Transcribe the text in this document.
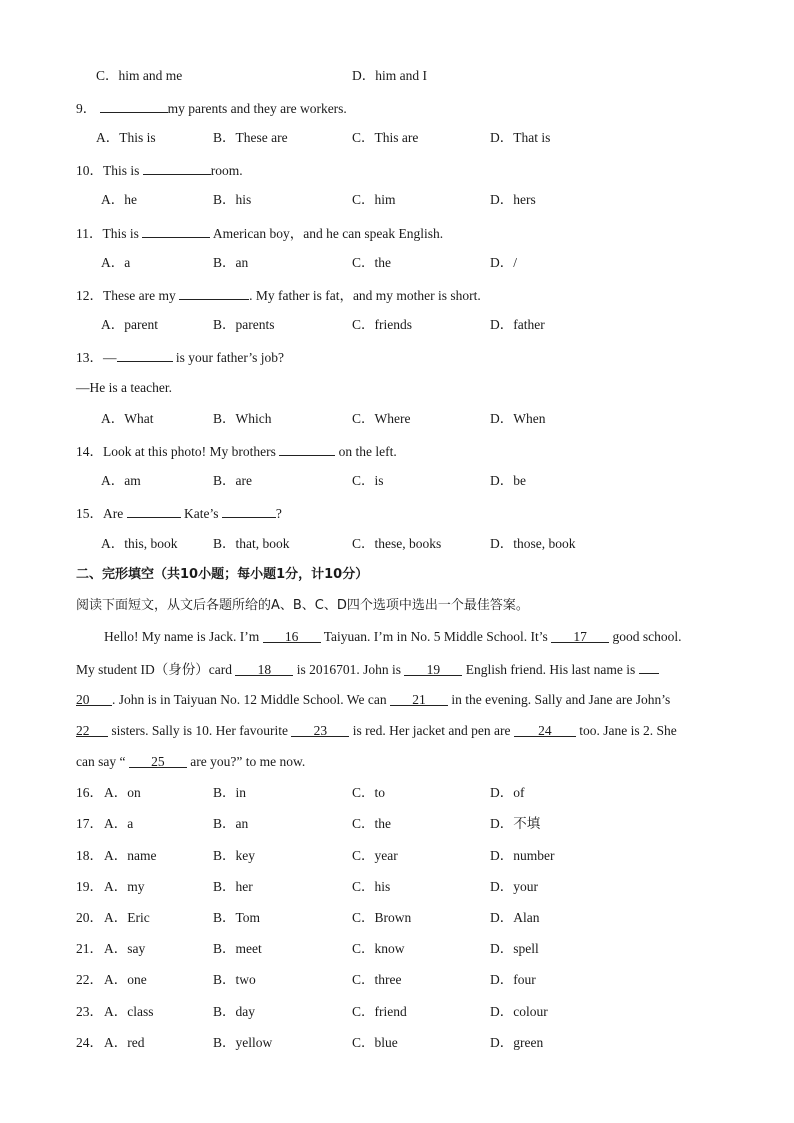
C．him and me	D．him and I
9．	my parents and they are workers.
A．This is	B．These are	C．This are	D．That is
10．This is	room.
A．he	B．his	C．him	D．hers
11．This is	American boy，and he can speak English.
A．a	B．an	C．the	D．/
12．These are my	. My father is fat，and my mother is short.
A．parent	B．parents	C．friends	D．father
13．—	is your father’s job?
—He is a teacher.
A．What	B．Which	C．Where	D．When
14．Look at this photo! My brothers	on the left.
A．am	B．are	C．is	D．be
15．Are	Kate’s	?
A．this, book	B．that, book	C．these, books	D．those, book
二、完形填空（共10小题；每小题1分，计10分）
阅读下面短文，从文后各题所给的A、B、C、D四个选项中选出一个最佳答案。
Hello! My name is Jack. I’m 16 Taiyuan. I’m in No. 5 Middle School. It’s 17 good school.
My student ID（身份）card 18 is 2016701. John is 19 English friend. His last name is
20 . John is in Taiyuan No. 12 Middle School. We can 21 in the evening. Sally and Jane are John’s
22 sisters. Sally is 10. Her favourite 23 is red. Her jacket and pen are 24 too. Jane is 2. She
can say “ 25 are you?” to me now.
16． A．on	B．in	C．to	D．of
17． A．a	B．an	C．the	D．不填
18． A．name	B．key	C．year	D．number
19． A．my	B．her	C．his	D．your
20． A．Eric	B．Tom	C．Brown	D．Alan
21． A．say	B．meet	C．know	D．spell
22． A．one	B．two	C．three	D．four
23． A．class	B．day	C．friend	D．colour
24． A．red	B．yellow	C．blue	D．green
